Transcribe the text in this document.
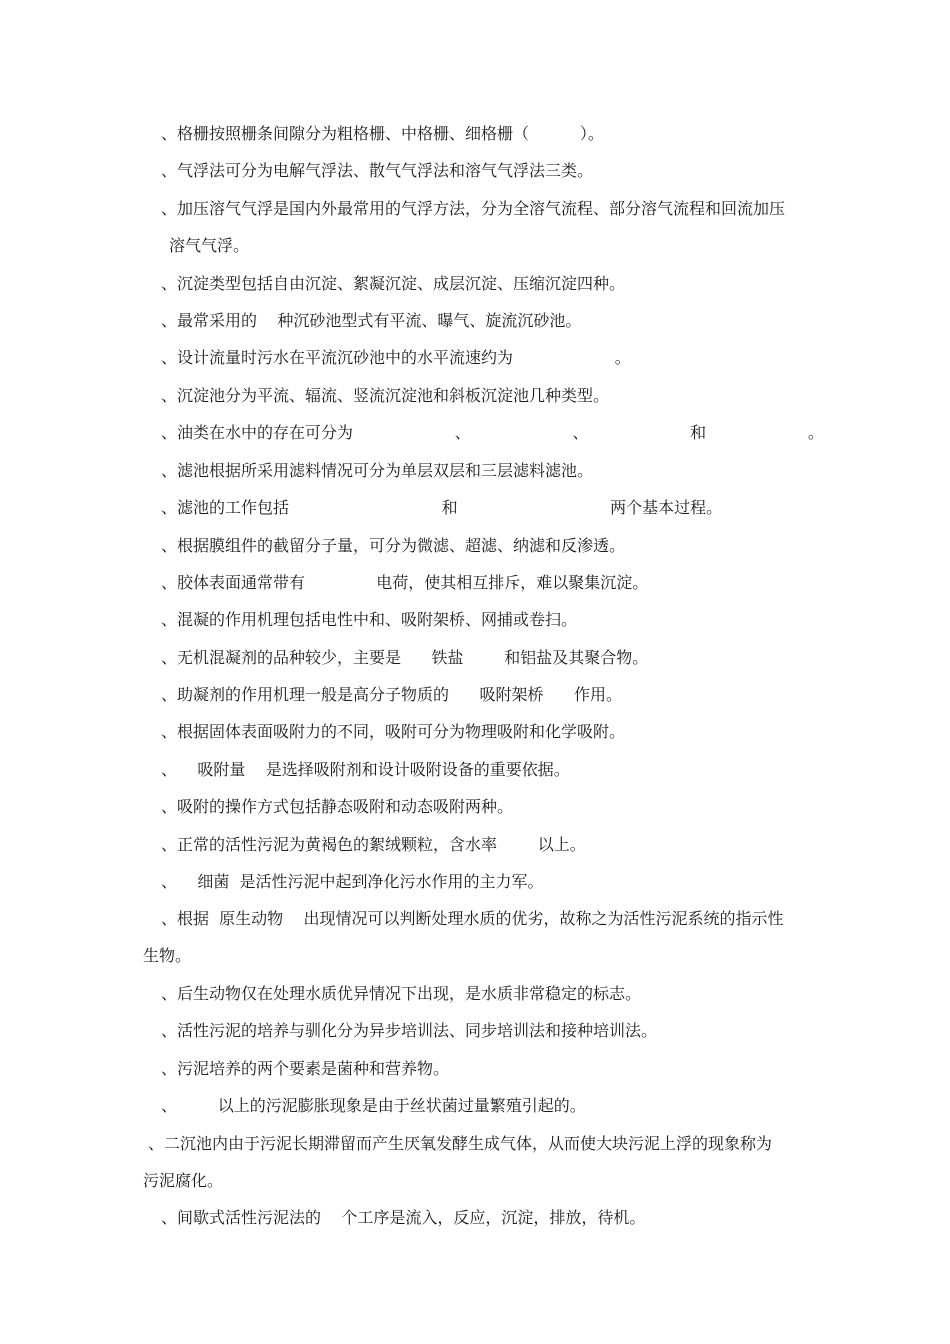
、格栅按照栅条间隙分为粗格栅、中格栅、细格栅（          ）。
、气浮法可分为电解气浮法、散气气浮法和溶气气浮法三类。
、加压溶气气浮是国内外最常用的气浮方法，分为全溶气流程、部分溶气流程和回流加压
溶气气浮。
、沉淀类型包括自由沉淀、絮凝沉淀、成层沉淀、压缩沉淀四种。
、最常采用的    种沉砂池型式有平流、曝气、旋流沉砂池。
、设计流量时污水在平流沉砂池中的水平流速约为                    。
、沉淀池分为平流、辐流、竖流沉淀池和斜板沉淀池几种类型。
、油类在水中的存在可分为                    、                    、                    和                    。
、滤池根据所采用滤料情况可分为单层双层和三层滤料滤池。
、滤池的工作包括                              和                              两个基本过程。
、根据膜组件的截留分子量，可分为微滤、超滤、纳滤和反渗透。
、胶体表面通常带有              电荷，使其相互排斥，难以聚集沉淀。
、混凝的作用机理包括电性中和、吸附架桥、网捕或卷扫。
、无机混凝剂的品种较少，主要是      铁盐        和铝盐及其聚合物。
、助凝剂的作用机理一般是高分子物质的      吸附架桥      作用。
、根据固体表面吸附力的不同，吸附可分为物理吸附和化学吸附。
、    吸附量    是选择吸附剂和设计吸附设备的重要依据。
、吸附的操作方式包括静态吸附和动态吸附两种。
、正常的活性污泥为黄褐色的絮绒颗粒，含水率        以上。
、    细菌  是活性污泥中起到净化污水作用的主力军。
、根据  原生动物    出现情况可以判断处理水质的优劣，故称之为活性污泥系统的指示性
生物。
、后生动物仅在处理水质优异情况下出现，是水质非常稳定的标志。
、活性污泥的培养与驯化分为异步培训法、同步培训法和接种培训法。
、污泥培养的两个要素是菌种和营养物。
、        以上的污泥膨胀现象是由于丝状菌过量繁殖引起的。
、二沉池内由于污泥长期滞留而产生厌氧发酵生成气体，从而使大块污泥上浮的现象称为
污泥腐化。
、间歇式活性污泥法的    个工序是流入，反应，沉淀，排放，待机。
